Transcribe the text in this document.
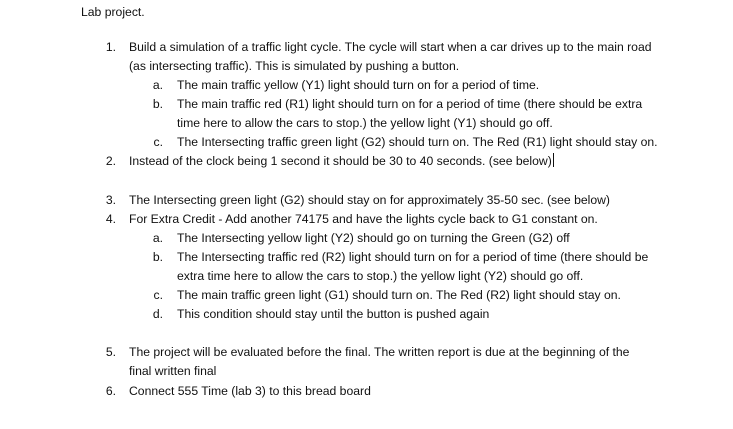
Lab project.
1. Build a simulation of a traffic light cycle. The cycle will start when a car drives up to the main road
(as intersecting traffic). This is simulated by pushing a button.
a. The main traffic yellow (Y1) light should turn on for a period of time.
b. The main traffic red (R1) light should turn on for a period of time (there should be extra
time here to allow the cars to stop.) the yellow light (Y1) should go off.
c. The Intersecting traffic green light (G2) should turn on. The Red (R1) light should stay on.
2. Instead of the clock being 1 second it should be 30 to 40 seconds. (see below)
3. The Intersecting green light (G2) should stay on for approximately 35-50 sec. (see below)
4. For Extra Credit - Add another 74175 and have the lights cycle back to G1 constant on.
a. The Intersecting yellow light (Y2) should go on turning the Green (G2) off
b. The Intersecting traffic red (R2) light should turn on for a period of time (there should be
extra time here to allow the cars to stop.) the yellow light (Y2) should go off.
c. The main traffic green light (G1) should turn on. The Red (R2) light should stay on.
d. This condition should stay until the button is pushed again
5. The project will be evaluated before the final. The written report is due at the beginning of the
final written final
6. Connect 555 Time (lab 3) to this bread board
